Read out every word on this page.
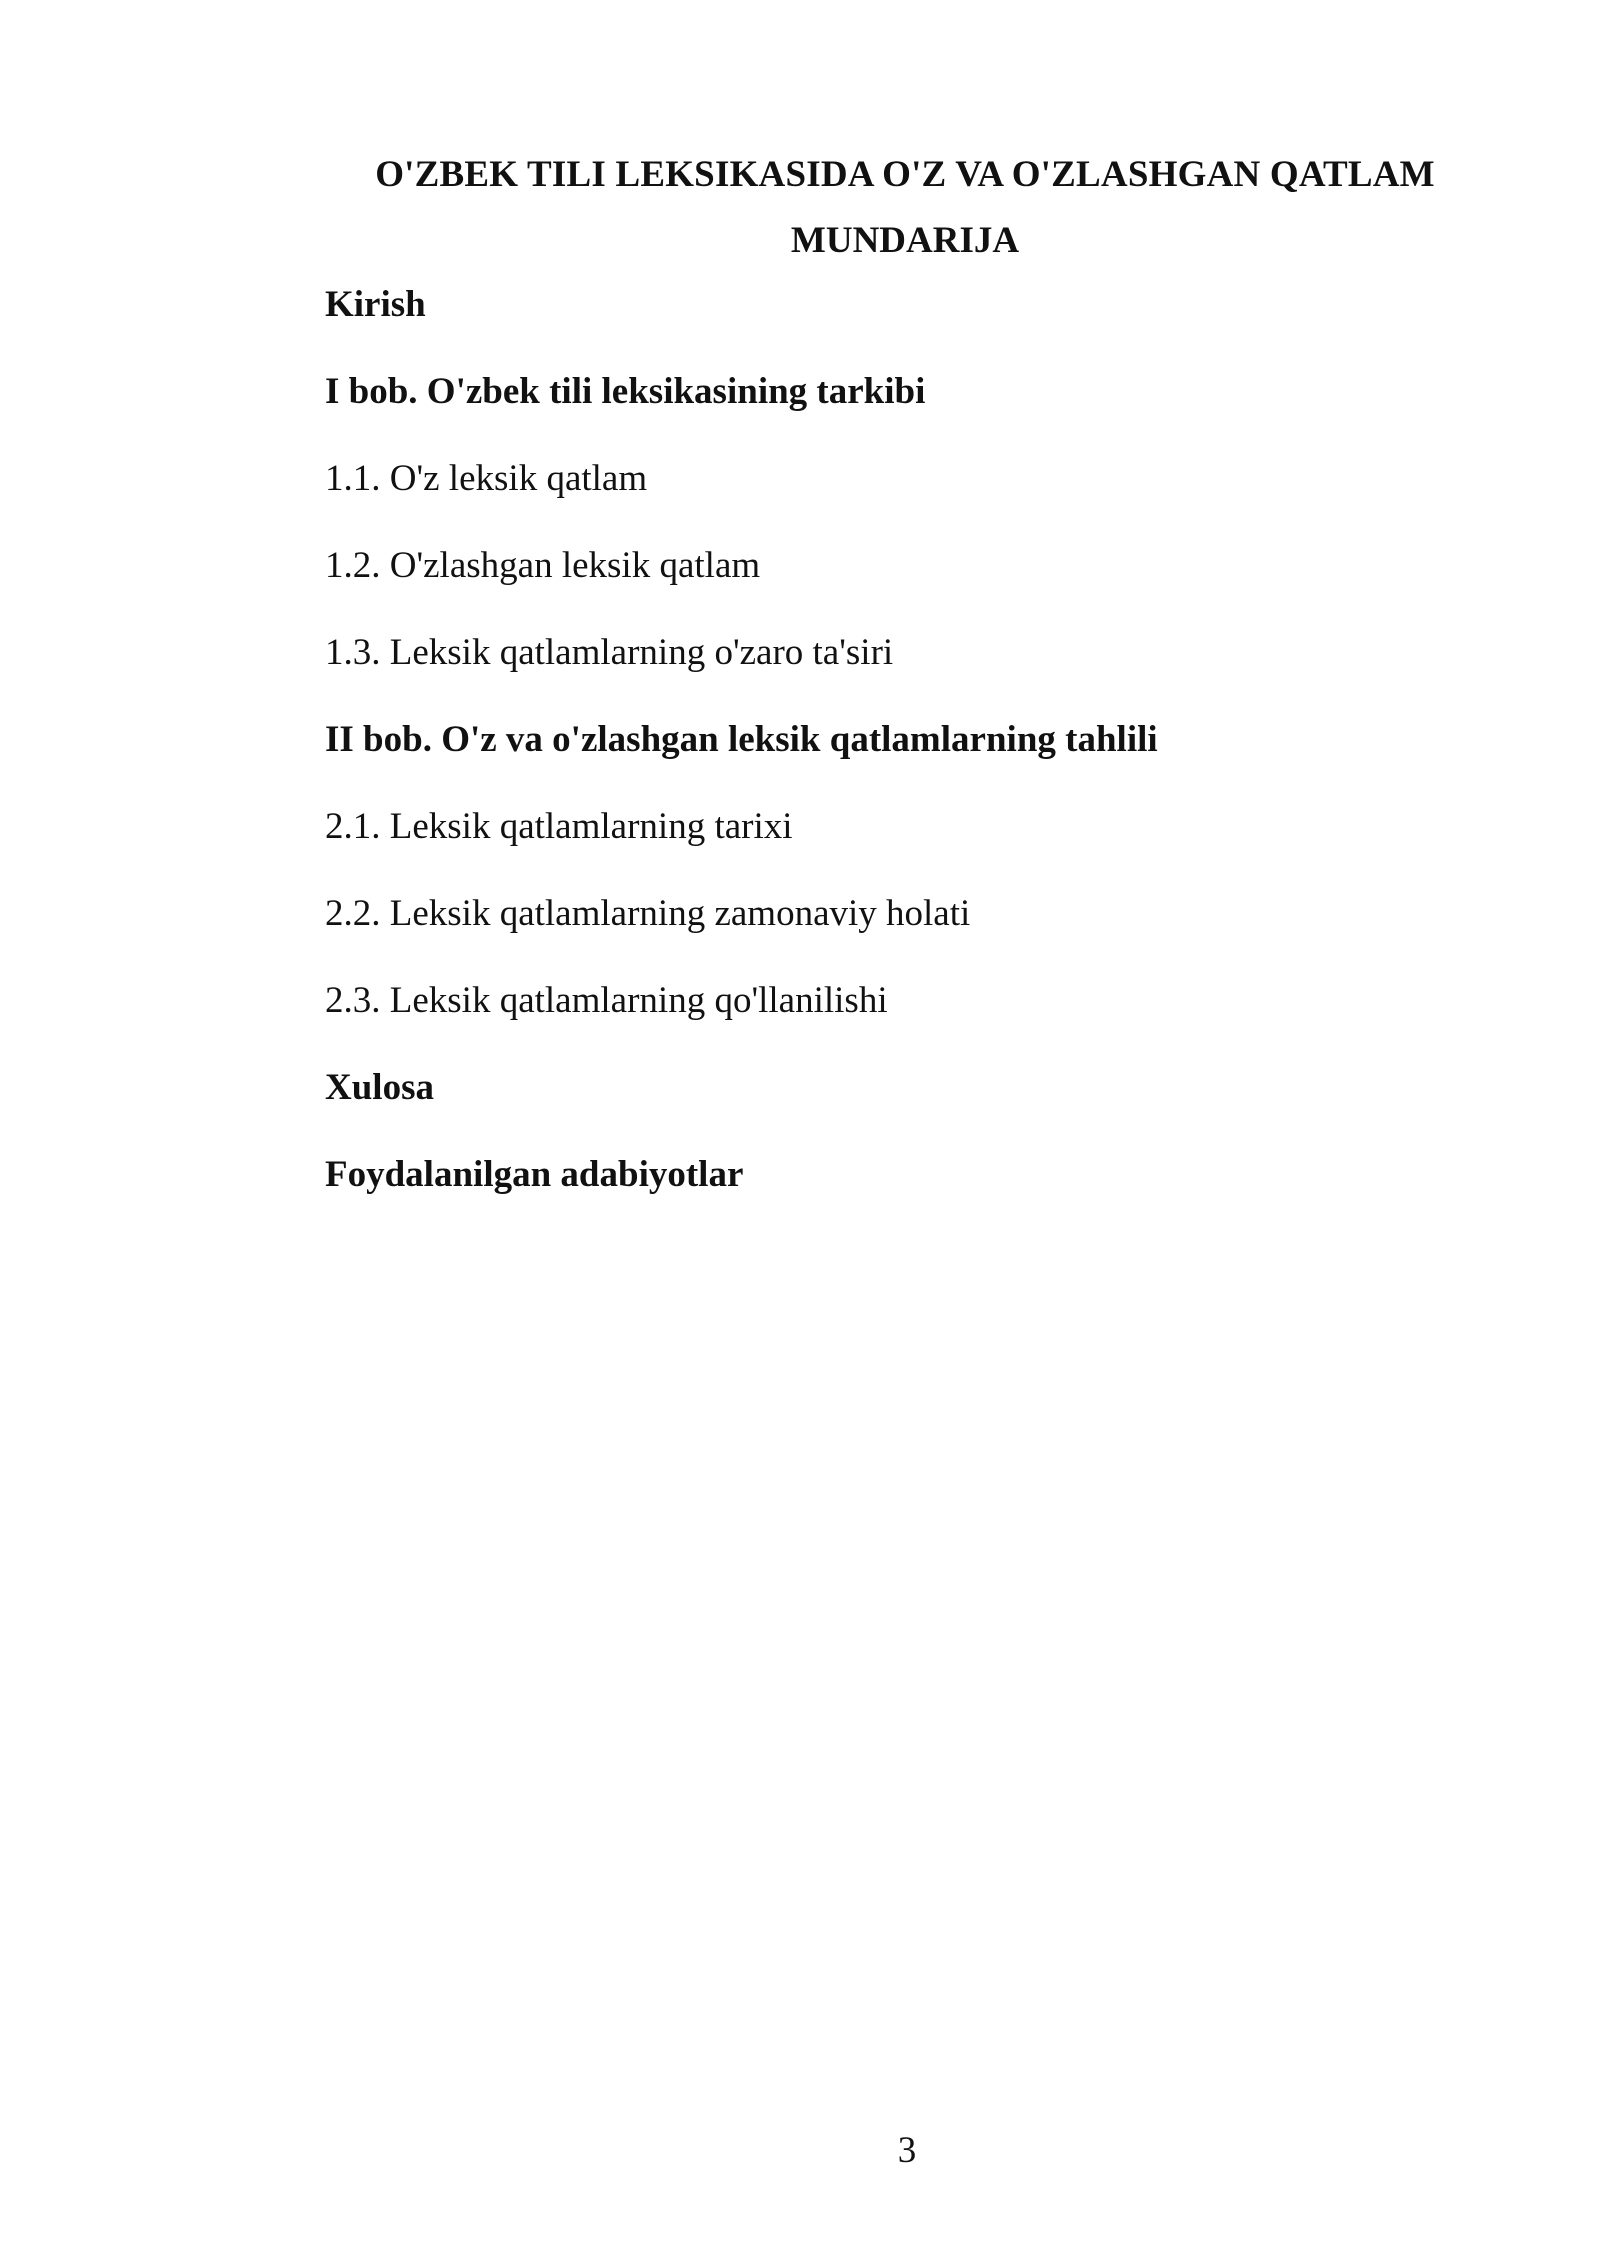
O'ZBEK TILI LEKSIKASIDA O'Z VA O'ZLASHGAN QATLAM
MUNDARIJA
Kirish
I bob. O'zbek tili leksikasining tarkibi
1.1. O'z leksik qatlam
1.2. O'zlashgan leksik qatlam
1.3. Leksik qatlamlarning o'zaro ta'siri
II bob. O'z va o'zlashgan leksik qatlamlarning tahlili
2.1. Leksik qatlamlarning tarixi
2.2. Leksik qatlamlarning zamonaviy holati
2.3. Leksik qatlamlarning qo'llanilishi
Xulosa
Foydalanilgan adabiyotlar
3
